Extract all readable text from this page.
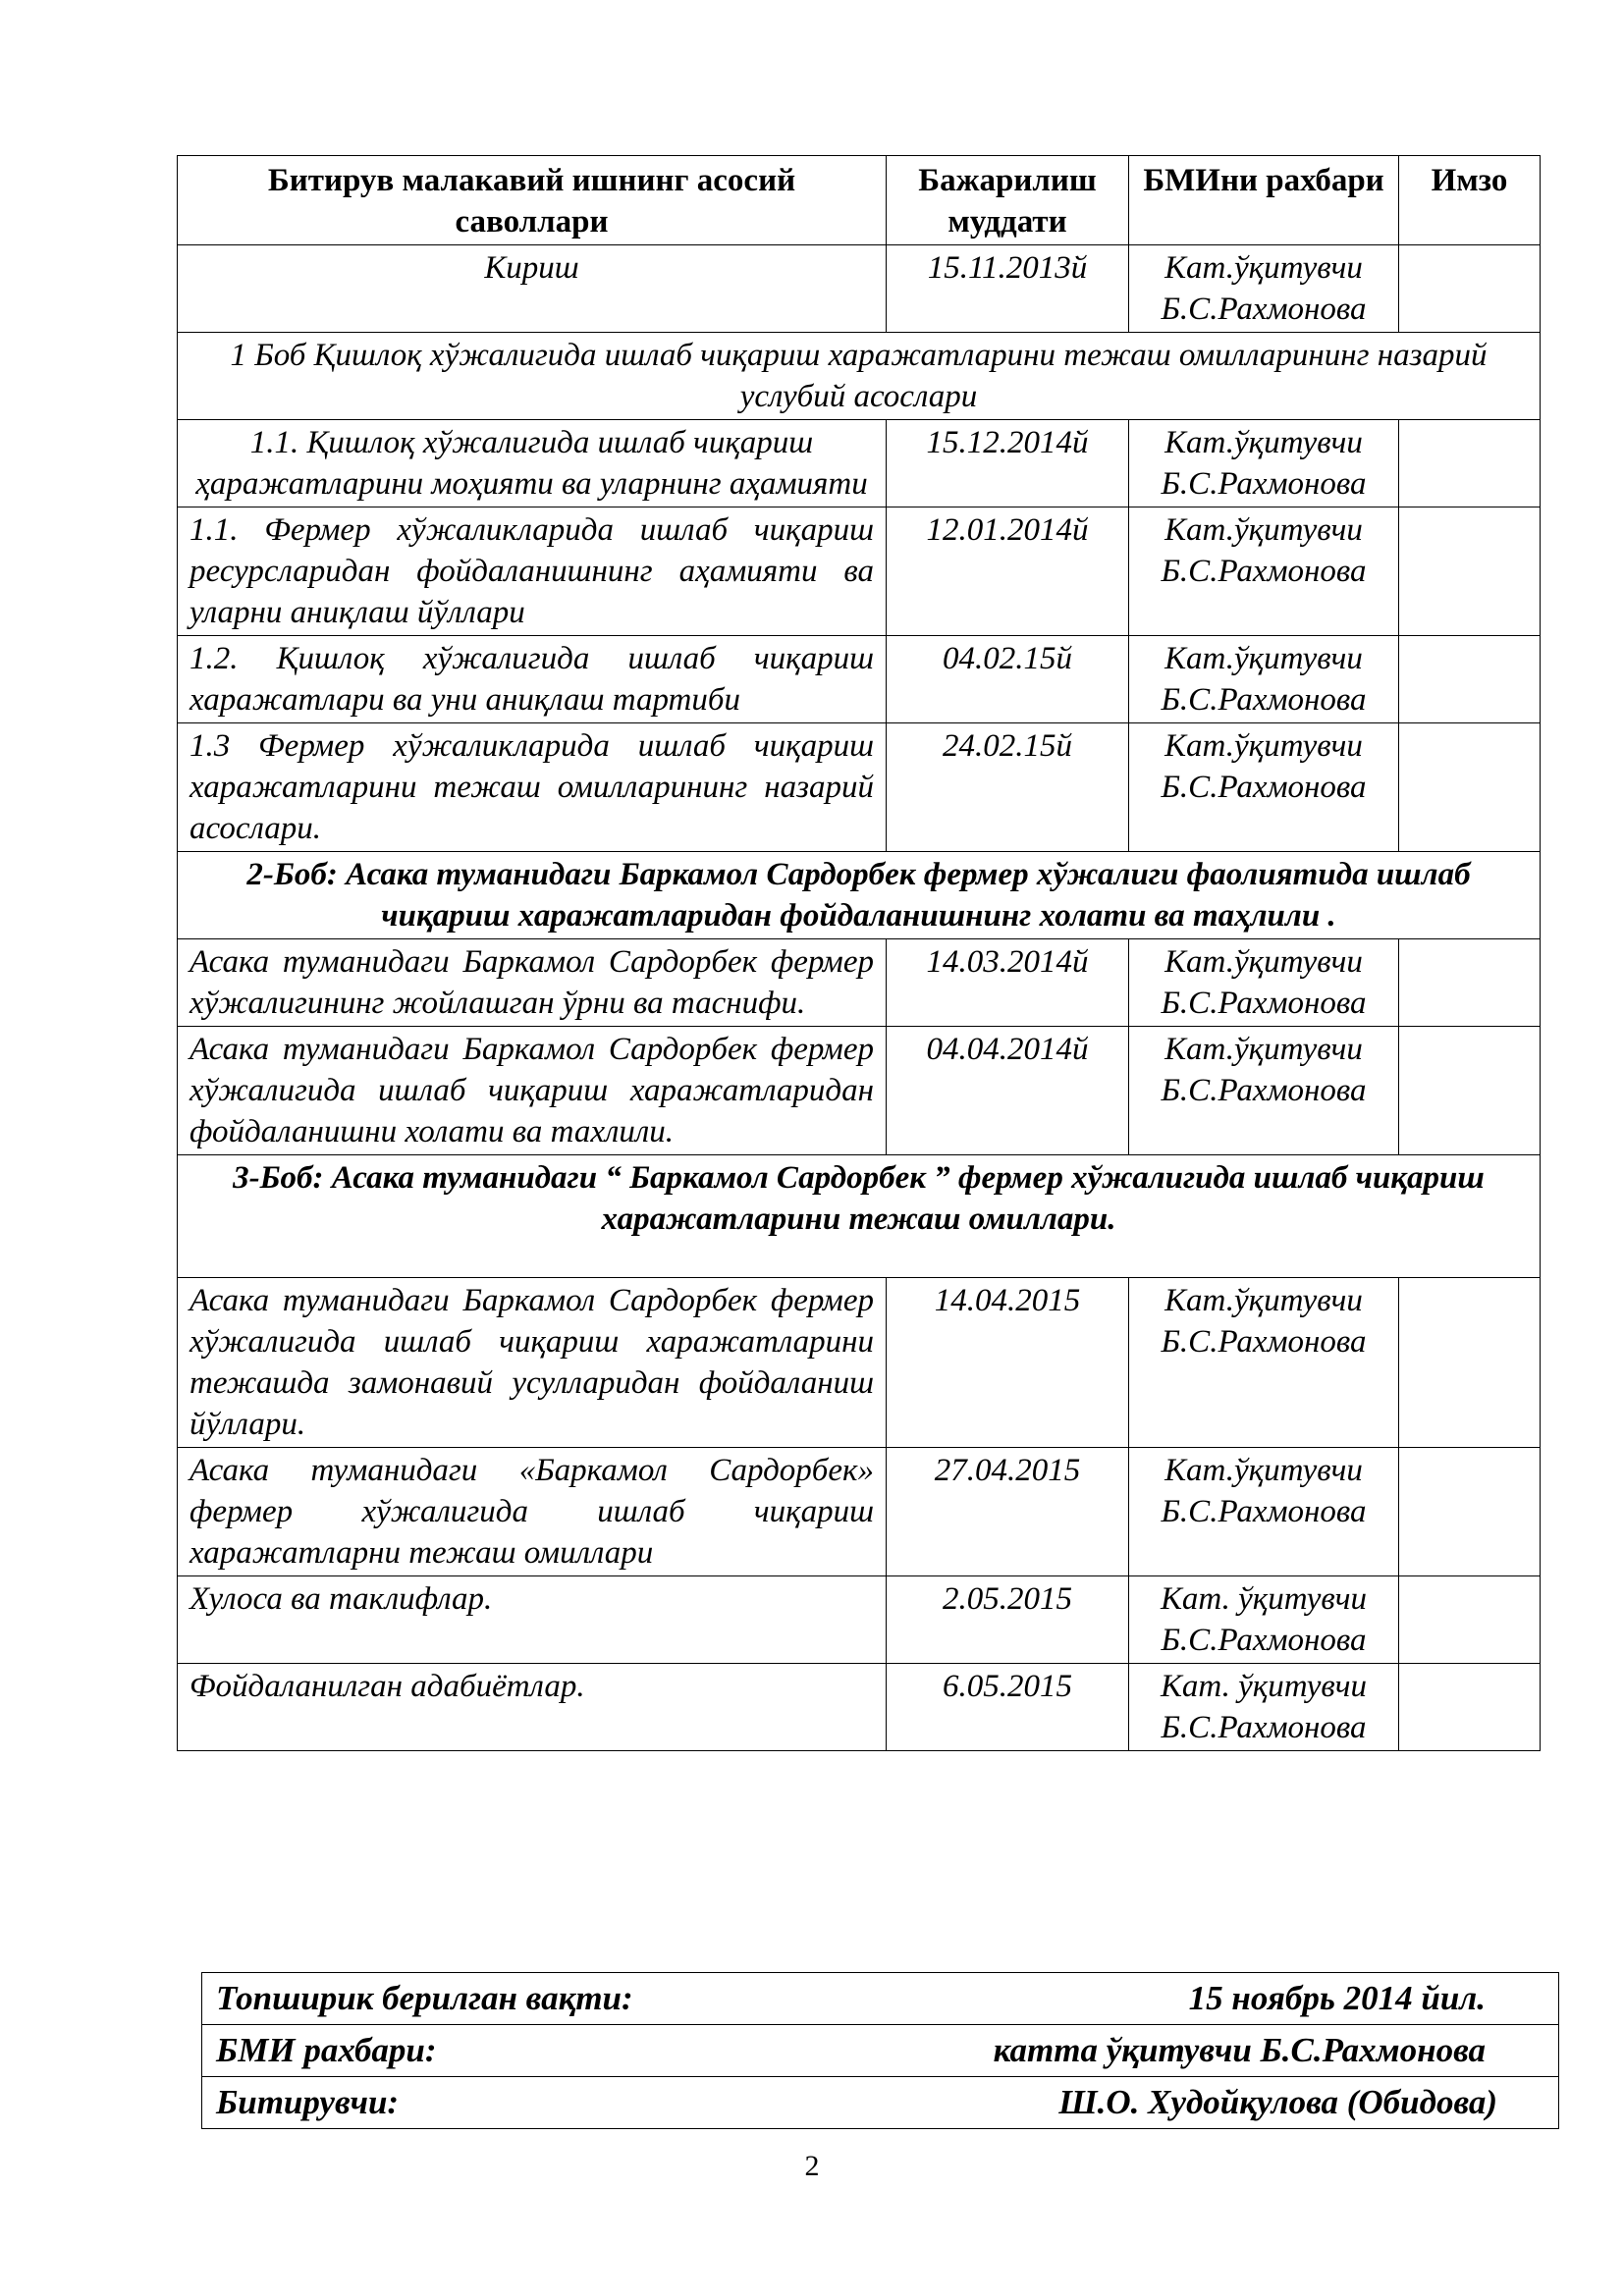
Битирув малакавий ишнинг асосий саволлари	Бажарилиш муддати	БМИни рахбари	Имзо
Кириш	15.11.2013й	Кат.ўқитувчи Б.С.Рахмонова	
1 Боб Қишлоқ хўжалигида ишлаб чиқариш харажатларини тежаш омилларининг назарий услубий асослари			
1.1. Қишлоқ хўжалигида ишлаб чиқариш ҳаражатларини моҳияти ва уларнинг аҳамияти	15.12.2014й	Кат.ўқитувчи Б.С.Рахмонова	
1.1. Фермер хўжаликларида ишлаб чиқариш ресурсларидан фойдаланишнинг аҳамияти ва уларни аниқлаш йўллари	12.01.2014й	Кат.ўқитувчи Б.С.Рахмонова	
1.2. Қишлоқ хўжалигида ишлаб чиқариш харажатлари ва уни аниқлаш тартиби	04.02.15й	Кат.ўқитувчи Б.С.Рахмонова	
1.3 Фермер хўжаликларида ишлаб чиқариш харажатларини тежаш омилларининг назарий асослари.	24.02.15й	Кат.ўқитувчи Б.С.Рахмонова	
2-Боб: Асака туманидаги Баркамол Сардорбек фермер хўжалиги фаолиятида ишлаб чиқариш харажатларидан фойдаланишнинг холати ва таҳлили .			
Асака туманидаги Баркамол Сардорбек фермер хўжалигининг жойлашган ўрни ва таснифи.	14.03.2014й	Кат.ўқитувчи Б.С.Рахмонова	
Асака туманидаги Баркамол Сардорбек фермер хўжалигида ишлаб чиқариш харажатларидан фойдаланишни холати ва тахлили.	04.04.2014й	Кат.ўқитувчи Б.С.Рахмонова	
3-Боб: Асака туманидаги “ Баркамол Сардорбек ” фермер хўжалигида ишлаб чиқариш харажатларини тежаш омиллари.			
Асака туманидаги Баркамол Сардорбек фермер хўжалигида ишлаб чиқариш харажатларини тежашда замонавий усулларидан фойдаланиш йўллари.	14.04.2015	Кат.ўқитувчи Б.С.Рахмонова	
Асака туманидаги «Баркамол Сардорбек» фермер хўжалигида ишлаб чиқариш харажатларни тежаш омиллари	27.04.2015	Кат.ўқитувчи Б.С.Рахмонова	
Хулоса ва таклифлар.	2.05.2015	Кат. ўқитувчи Б.С.Рахмонова	
Фойдаланилган адабиётлар.	6.05.2015	Кат. ўқитувчи Б.С.Рахмонова	
Топширик берилган вақти:	15 ноябрь 2014 йил.

БМИ рахбари:	катта ўқитувчи Б.С.Рахмонова

Битирувчи:	Ш.О. Худойқулова (Обидова)
2
